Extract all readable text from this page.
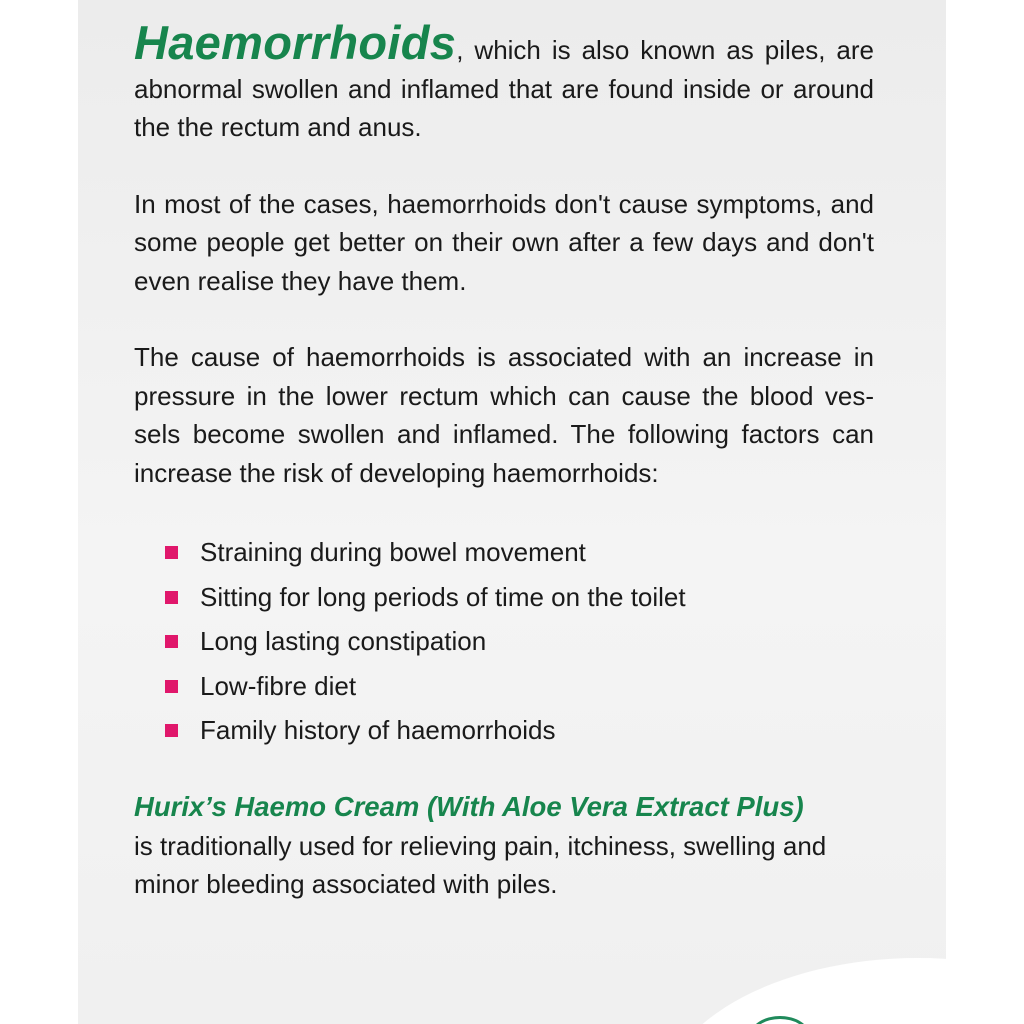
Haemorrhoids, which is also known as piles, are abnormal swollen and inflamed that are found inside or around the the rectum and anus.

In most of the cases, haemorrhoids don't cause symptoms, and some people get better on their own after a few days and don't even realise they have them.

The cause of haemorrhoids is associated with an increase in pressure in the lower rectum which can cause the blood ves-sels become swollen and inflamed. The following factors can increase the risk of developing haemorrhoids:

Straining during bowel movement
Sitting for long periods of time on the toilet
Long lasting constipation
Low-fibre diet
Family history of haemorrhoids

Hurix’s Haemo Cream (With Aloe Vera Extract Plus)

is traditionally used for relieving pain, itchiness, swelling and minor bleeding associated with piles.
